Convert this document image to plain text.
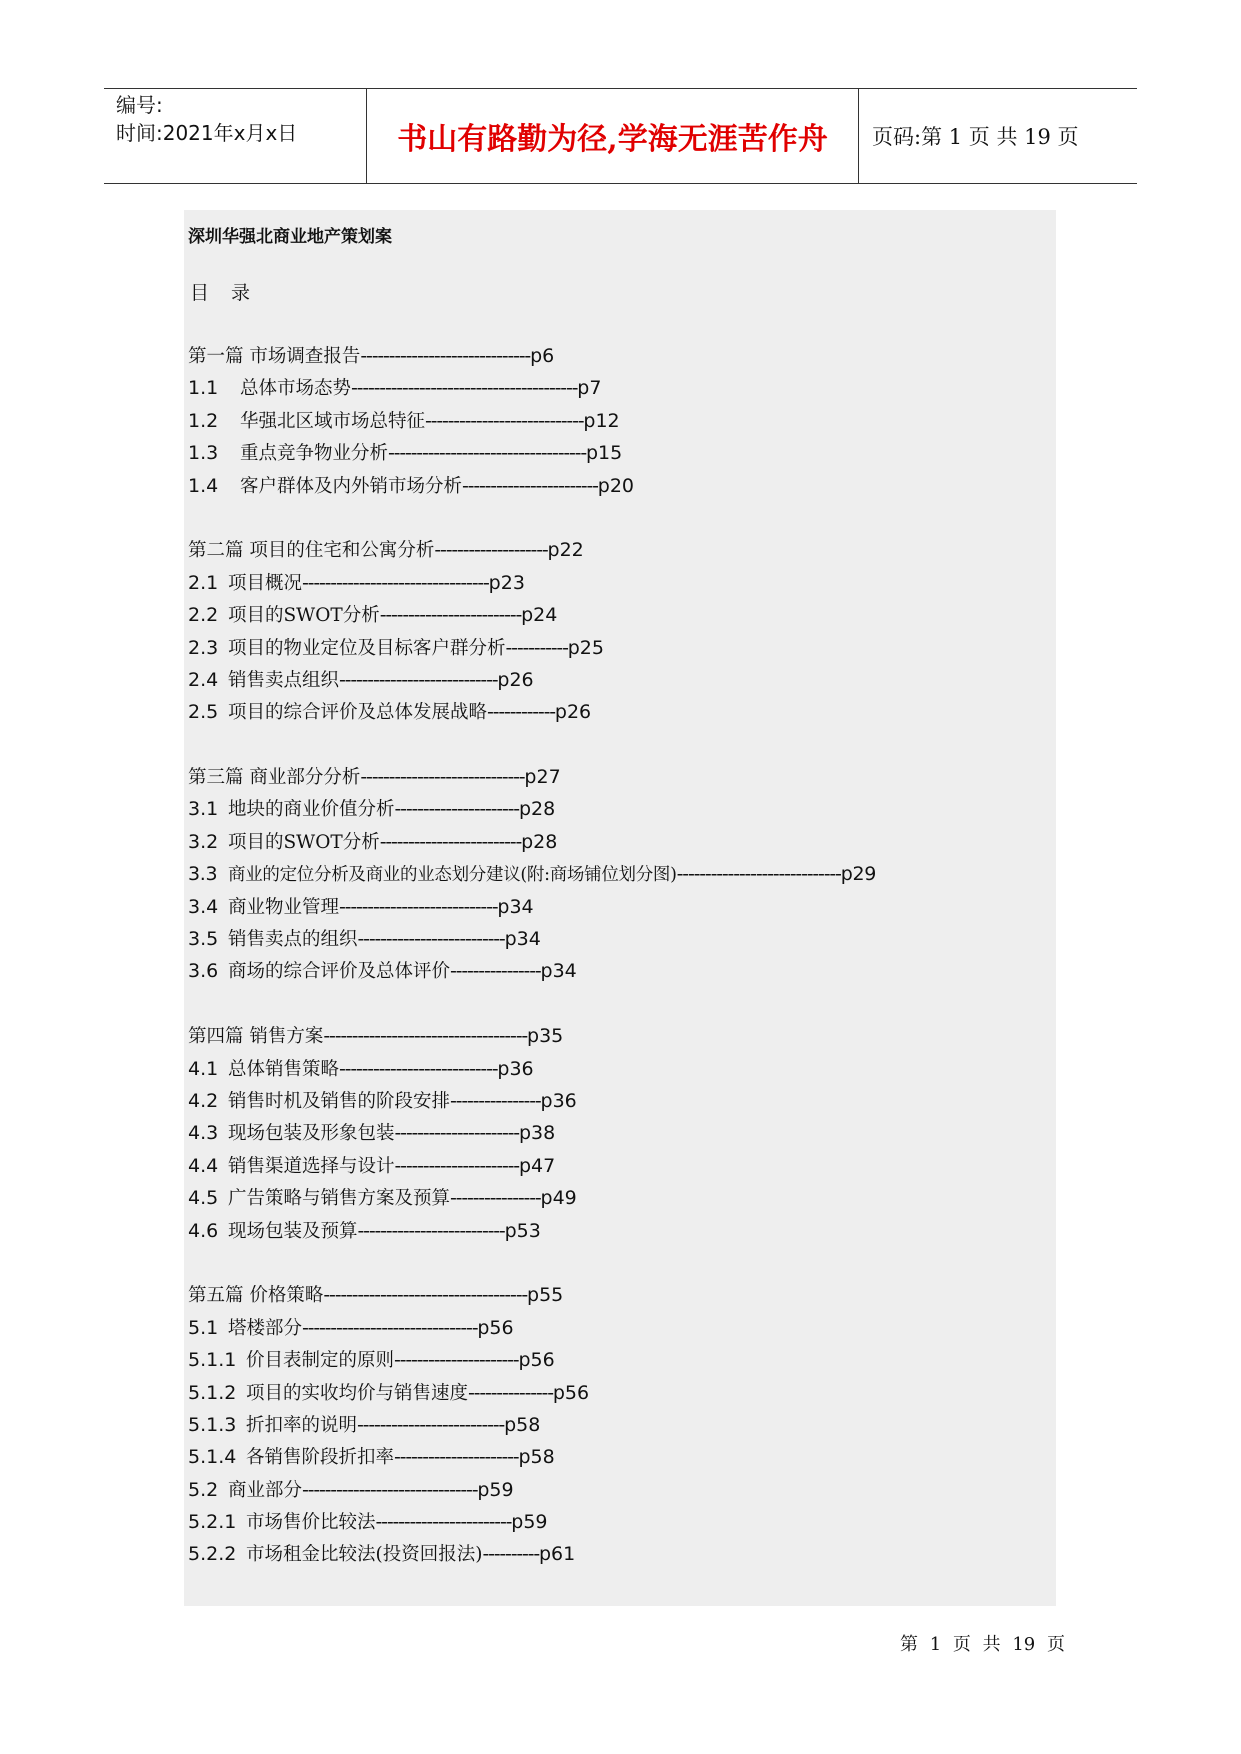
编号:
时间:2021年x月x日	书山有路勤为径,学海无涯苦作舟	页码:第 1 页 共 19 页
深圳华强北商业地产策划案
目 录
第一篇 市场调查报告------------------------------p6
1.1 总体市场态势----------------------------------------p7
1.2 华强北区域市场总特征----------------------------p12
1.3 重点竞争物业分析-----------------------------------p15
1.4 客户群体及内外销市场分析------------------------p20
第二篇 项目的住宅和公寓分析--------------------p22
2.1 项目概况---------------------------------p23
2.2 项目的SWOT分析-------------------------p24
2.3 项目的物业定位及目标客户群分析-----------p25
2.4 销售卖点组织----------------------------p26
2.5 项目的综合评价及总体发展战略------------p26
第三篇 商业部分分析-----------------------------p27
3.1 地块的商业价值分析----------------------p28
3.2 项目的SWOT分析-------------------------p28
3.3 商业的定位分析及商业的业态划分建议(附:商场铺位划分图)-----------------------------p29
3.4 商业物业管理----------------------------p34
3.5 销售卖点的组织--------------------------p34
3.6 商场的综合评价及总体评价----------------p34
第四篇 销售方案------------------------------------p35
4.1 总体销售策略----------------------------p36
4.2 销售时机及销售的阶段安排----------------p36
4.3 现场包装及形象包装----------------------p38
4.4 销售渠道选择与设计----------------------p47
4.5 广告策略与销售方案及预算----------------p49
4.6 现场包装及预算--------------------------p53
第五篇 价格策略------------------------------------p55
5.1 塔楼部分-------------------------------p56
5.1.1 价目表制定的原则----------------------p56
5.1.2 项目的实收均价与销售速度---------------p56
5.1.3 折扣率的说明--------------------------p58
5.1.4 各销售阶段折扣率----------------------p58
5.2 商业部分-------------------------------p59
5.2.1 市场售价比较法------------------------p59
5.2.2 市场租金比较法(投资回报法)----------p61
第 1 页 共 19 页
